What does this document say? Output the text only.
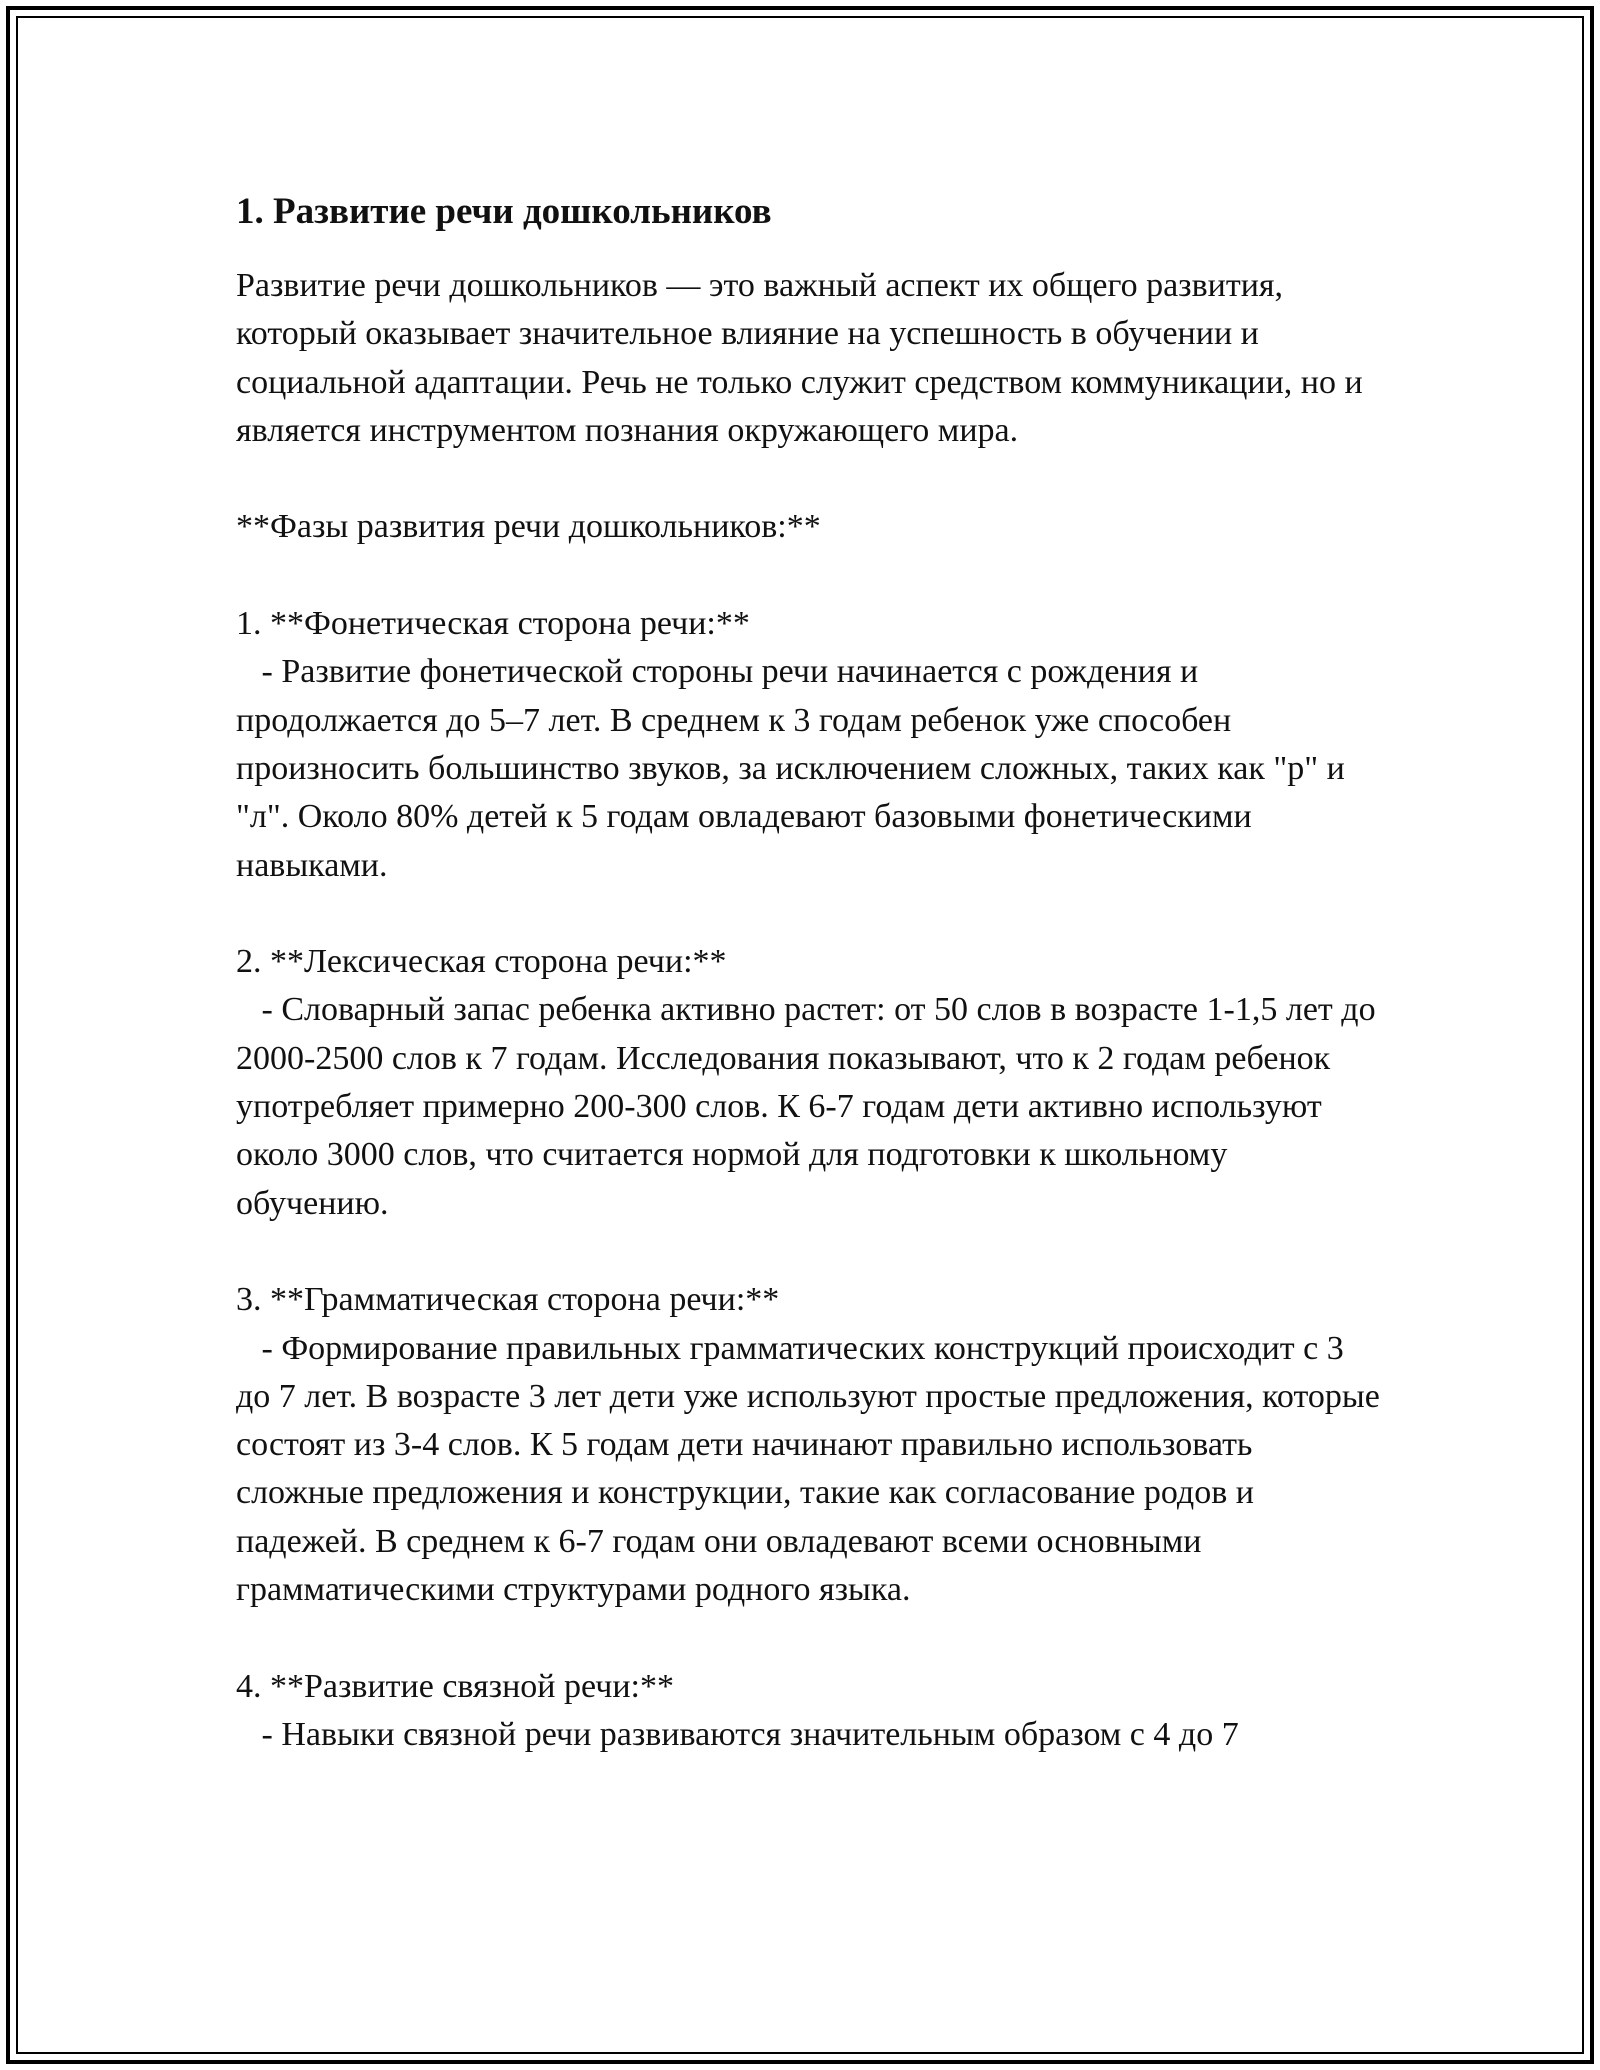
1. Развитие речи дошкольников

Развитие речи дошкольников — это важный аспект их общего развития, который оказывает значительное влияние на успешность в обучении и социальной адаптации. Речь не только служит средством коммуникации, но и является инструментом познания окружающего мира.

**Фазы развития речи дошкольников:**

1. **Фонетическая сторона речи:**

- Развитие фонетической стороны речи начинается с рождения и продолжается до 5–7 лет. В среднем к 3 годам ребенок уже способен произносить большинство звуков, за исключением сложных, таких как "р" и "л". Около 80% детей к 5 годам овладевают базовыми фонетическими навыками.

2. **Лексическая сторона речи:**

- Словарный запас ребенка активно растет: от 50 слов в возрасте 1-1,5 лет до 2000-2500 слов к 7 годам. Исследования показывают, что к 2 годам ребенок употребляет примерно 200-300 слов. К 6-7 годам дети активно используют около 3000 слов, что считается нормой для подготовки к школьному обучению.

3. **Грамматическая сторона речи:**

- Формирование правильных грамматических конструкций происходит с 3 до 7 лет. В возрасте 3 лет дети уже используют простые предложения, которые состоят из 3-4 слов. К 5 годам дети начинают правильно использовать сложные предложения и конструкции, такие как согласование родов и падежей. В среднем к 6-7 годам они овладевают всеми основными грамматическими структурами родного языка.

4. **Развитие связной речи:**

- Навыки связной речи развиваются значительным образом с 4 до 7
